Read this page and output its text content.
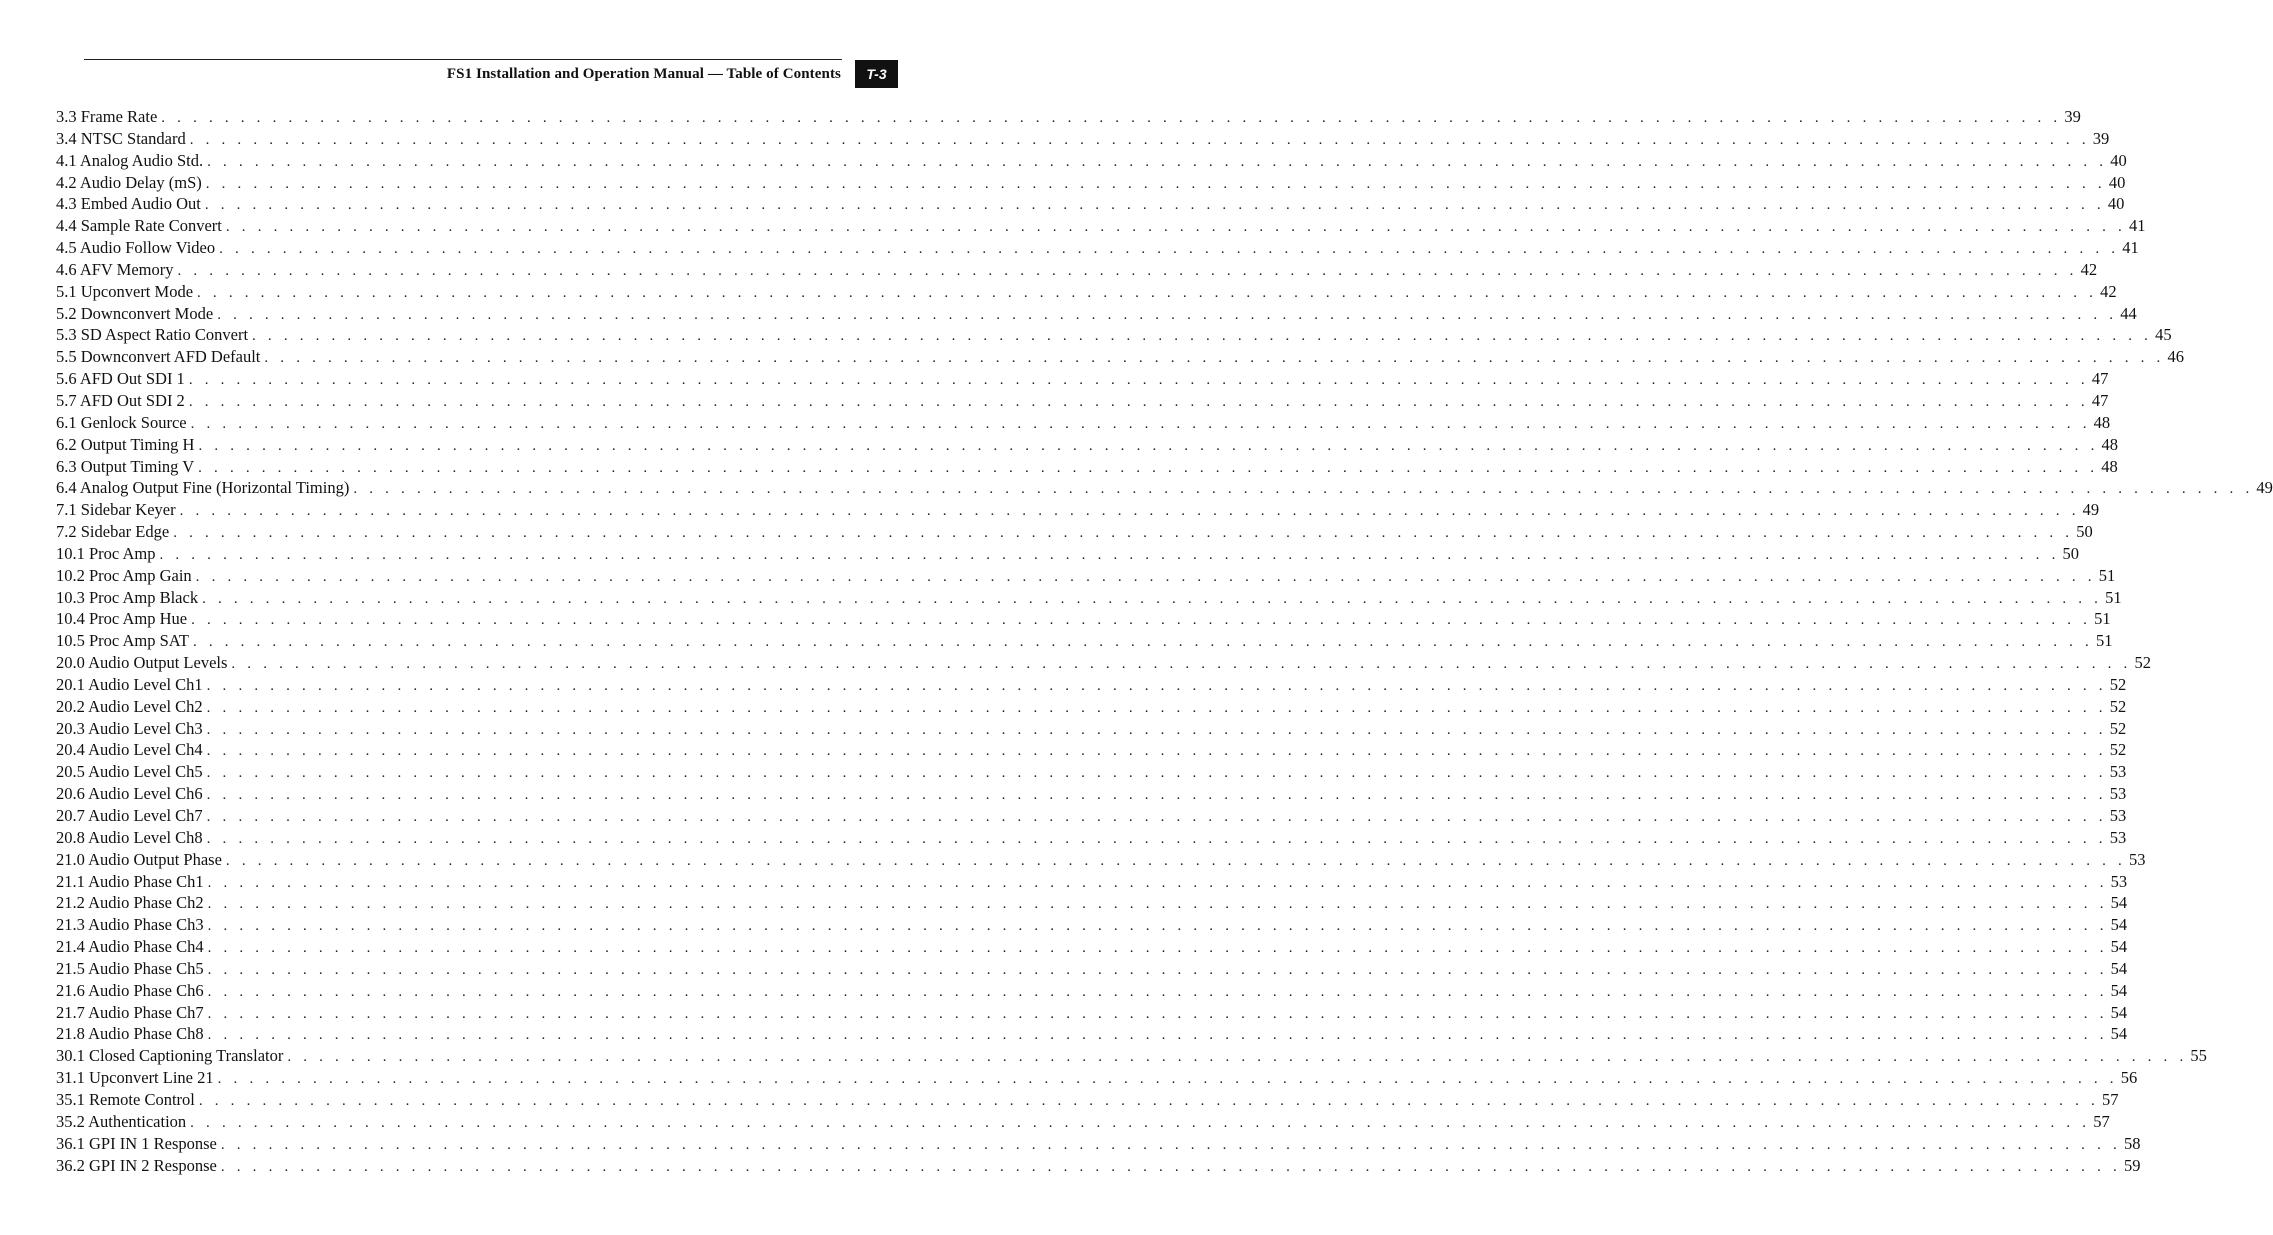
FS1 Installation and Operation Manual — Table of Contents	T-3
3.3 Frame Rate . . . . . . . . . . . . . . . . . . . . . . . . . . . . . . . . . . . . . . . . . . . . . . . . . . . . . . . . . . . . . . . . . . . . . . . . . . . . . . . . . . . . . . . . . . . . . . . . . . . . . . . . . . . . . . . . . . . . . . . . 39
3.4 NTSC Standard . . . . . . . . . . . . . . . . . . . . . . . . . . . . . . . . . . . . . . . . . . . . . . . . . . . . . . . . . . . . . . . . . . . . . . . . . . . . . . . . . . . . . . . . . . . . . . . . . . . . . . . . . . . . . . . . . . . . . . . . 39
4.1 Analog Audio Std. . . . . . . . . . . . . . . . . . . . . . . . . . . . . . . . . . . . . . . . . . . . . . . . . . . . . . . . . . . . . . . . . . . . . . . . . . . . . . . . . . . . . . . . . . . . . . . . . . . . . . . . . . . . . . . . . . . . . . . . . 40
4.2 Audio Delay (mS) . . . . . . . . . . . . . . . . . . . . . . . . . . . . . . . . . . . . . . . . . . . . . . . . . . . . . . . . . . . . . . . . . . . . . . . . . . . . . . . . . . . . . . . . . . . . . . . . . . . . . . . . . . . . . . . . . . . . . . . . 40
4.3 Embed Audio Out . . . . . . . . . . . . . . . . . . . . . . . . . . . . . . . . . . . . . . . . . . . . . . . . . . . . . . . . . . . . . . . . . . . . . . . . . . . . . . . . . . . . . . . . . . . . . . . . . . . . . . . . . . . . . . . . . . . . . . . . 40
4.4 Sample Rate Convert . . . . . . . . . . . . . . . . . . . . . . . . . . . . . . . . . . . . . . . . . . . . . . . . . . . . . . . . . . . . . . . . . . . . . . . . . . . . . . . . . . . . . . . . . . . . . . . . . . . . . . . . . . . . . . . . . . . . . . . . 41
4.5 Audio Follow Video . . . . . . . . . . . . . . . . . . . . . . . . . . . . . . . . . . . . . . . . . . . . . . . . . . . . . . . . . . . . . . . . . . . . . . . . . . . . . . . . . . . . . . . . . . . . . . . . . . . . . . . . . . . . . . . . . . . . . . . . 41
4.6 AFV Memory . . . . . . . . . . . . . . . . . . . . . . . . . . . . . . . . . . . . . . . . . . . . . . . . . . . . . . . . . . . . . . . . . . . . . . . . . . . . . . . . . . . . . . . . . . . . . . . . . . . . . . . . . . . . . . . . . . . . . . . . 42
5.1 Upconvert Mode . . . . . . . . . . . . . . . . . . . . . . . . . . . . . . . . . . . . . . . . . . . . . . . . . . . . . . . . . . . . . . . . . . . . . . . . . . . . . . . . . . . . . . . . . . . . . . . . . . . . . . . . . . . . . . . . . . . . . . . . 42
5.2 Downconvert Mode . . . . . . . . . . . . . . . . . . . . . . . . . . . . . . . . . . . . . . . . . . . . . . . . . . . . . . . . . . . . . . . . . . . . . . . . . . . . . . . . . . . . . . . . . . . . . . . . . . . . . . . . . . . . . . . . . . . . . . . . 44
5.3 SD Aspect Ratio Convert . . . . . . . . . . . . . . . . . . . . . . . . . . . . . . . . . . . . . . . . . . . . . . . . . . . . . . . . . . . . . . . . . . . . . . . . . . . . . . . . . . . . . . . . . . . . . . . . . . . . . . . . . . . . . . . . . . . . . . . . 45
5.5 Downconvert AFD Default . . . . . . . . . . . . . . . . . . . . . . . . . . . . . . . . . . . . . . . . . . . . . . . . . . . . . . . . . . . . . . . . . . . . . . . . . . . . . . . . . . . . . . . . . . . . . . . . . . . . . . . . . . . . . . . . . . . . . . . . 46
5.6 AFD Out SDI 1 . . . . . . . . . . . . . . . . . . . . . . . . . . . . . . . . . . . . . . . . . . . . . . . . . . . . . . . . . . . . . . . . . . . . . . . . . . . . . . . . . . . . . . . . . . . . . . . . . . . . . . . . . . . . . . . . . . . . . . . . 47
5.7 AFD Out SDI 2 . . . . . . . . . . . . . . . . . . . . . . . . . . . . . . . . . . . . . . . . . . . . . . . . . . . . . . . . . . . . . . . . . . . . . . . . . . . . . . . . . . . . . . . . . . . . . . . . . . . . . . . . . . . . . . . . . . . . . . . . 47
6.1 Genlock Source . . . . . . . . . . . . . . . . . . . . . . . . . . . . . . . . . . . . . . . . . . . . . . . . . . . . . . . . . . . . . . . . . . . . . . . . . . . . . . . . . . . . . . . . . . . . . . . . . . . . . . . . . . . . . . . . . . . . . . . . 48
6.2 Output Timing H . . . . . . . . . . . . . . . . . . . . . . . . . . . . . . . . . . . . . . . . . . . . . . . . . . . . . . . . . . . . . . . . . . . . . . . . . . . . . . . . . . . . . . . . . . . . . . . . . . . . . . . . . . . . . . . . . . . . . . . . 48
6.3 Output Timing V . . . . . . . . . . . . . . . . . . . . . . . . . . . . . . . . . . . . . . . . . . . . . . . . . . . . . . . . . . . . . . . . . . . . . . . . . . . . . . . . . . . . . . . . . . . . . . . . . . . . . . . . . . . . . . . . . . . . . . . . 48
6.4 Analog Output Fine (Horizontal Timing) . . . . . . . . . . . . . . . . . . . . . . . . . . . . . . . . . . . . . . . . . . . . . . . . . . . . . . . . . . . . . . . . . . . . . . . . . . . . . . . . . . . . . . . . . . . . . . . . . . . . . . . . . . . . . . . . . . . . . . . . 49
7.1 Sidebar Keyer . . . . . . . . . . . . . . . . . . . . . . . . . . . . . . . . . . . . . . . . . . . . . . . . . . . . . . . . . . . . . . . . . . . . . . . . . . . . . . . . . . . . . . . . . . . . . . . . . . . . . . . . . . . . . . . . . . . . . . . . 49
7.2 Sidebar Edge . . . . . . . . . . . . . . . . . . . . . . . . . . . . . . . . . . . . . . . . . . . . . . . . . . . . . . . . . . . . . . . . . . . . . . . . . . . . . . . . . . . . . . . . . . . . . . . . . . . . . . . . . . . . . . . . . . . . . . . . 50
10.1 Proc Amp . . . . . . . . . . . . . . . . . . . . . . . . . . . . . . . . . . . . . . . . . . . . . . . . . . . . . . . . . . . . . . . . . . . . . . . . . . . . . . . . . . . . . . . . . . . . . . . . . . . . . . . . . . . . . . . . . . . . . . . . 50
10.2 Proc Amp Gain . . . . . . . . . . . . . . . . . . . . . . . . . . . . . . . . . . . . . . . . . . . . . . . . . . . . . . . . . . . . . . . . . . . . . . . . . . . . . . . . . . . . . . . . . . . . . . . . . . . . . . . . . . . . . . . . . . . . . . . . 51
10.3 Proc Amp Black . . . . . . . . . . . . . . . . . . . . . . . . . . . . . . . . . . . . . . . . . . . . . . . . . . . . . . . . . . . . . . . . . . . . . . . . . . . . . . . . . . . . . . . . . . . . . . . . . . . . . . . . . . . . . . . . . . . . . . . . 51
10.4 Proc Amp Hue . . . . . . . . . . . . . . . . . . . . . . . . . . . . . . . . . . . . . . . . . . . . . . . . . . . . . . . . . . . . . . . . . . . . . . . . . . . . . . . . . . . . . . . . . . . . . . . . . . . . . . . . . . . . . . . . . . . . . . . . 51
10.5 Proc Amp SAT . . . . . . . . . . . . . . . . . . . . . . . . . . . . . . . . . . . . . . . . . . . . . . . . . . . . . . . . . . . . . . . . . . . . . . . . . . . . . . . . . . . . . . . . . . . . . . . . . . . . . . . . . . . . . . . . . . . . . . . . 51
20.0 Audio Output Levels . . . . . . . . . . . . . . . . . . . . . . . . . . . . . . . . . . . . . . . . . . . . . . . . . . . . . . . . . . . . . . . . . . . . . . . . . . . . . . . . . . . . . . . . . . . . . . . . . . . . . . . . . . . . . . . . . . . . . . . . 52
20.1 Audio Level Ch1 . . . . . . . . . . . . . . . . . . . . . . . . . . . . . . . . . . . . . . . . . . . . . . . . . . . . . . . . . . . . . . . . . . . . . . . . . . . . . . . . . . . . . . . . . . . . . . . . . . . . . . . . . . . . . . . . . . . . . . . . 52
20.2 Audio Level Ch2 . . . . . . . . . . . . . . . . . . . . . . . . . . . . . . . . . . . . . . . . . . . . . . . . . . . . . . . . . . . . . . . . . . . . . . . . . . . . . . . . . . . . . . . . . . . . . . . . . . . . . . . . . . . . . . . . . . . . . . . . 52
20.3 Audio Level Ch3 . . . . . . . . . . . . . . . . . . . . . . . . . . . . . . . . . . . . . . . . . . . . . . . . . . . . . . . . . . . . . . . . . . . . . . . . . . . . . . . . . . . . . . . . . . . . . . . . . . . . . . . . . . . . . . . . . . . . . . . . 52
20.4 Audio Level Ch4 . . . . . . . . . . . . . . . . . . . . . . . . . . . . . . . . . . . . . . . . . . . . . . . . . . . . . . . . . . . . . . . . . . . . . . . . . . . . . . . . . . . . . . . . . . . . . . . . . . . . . . . . . . . . . . . . . . . . . . . . 52
20.5 Audio Level Ch5 . . . . . . . . . . . . . . . . . . . . . . . . . . . . . . . . . . . . . . . . . . . . . . . . . . . . . . . . . . . . . . . . . . . . . . . . . . . . . . . . . . . . . . . . . . . . . . . . . . . . . . . . . . . . . . . . . . . . . . . . 53
20.6 Audio Level Ch6 . . . . . . . . . . . . . . . . . . . . . . . . . . . . . . . . . . . . . . . . . . . . . . . . . . . . . . . . . . . . . . . . . . . . . . . . . . . . . . . . . . . . . . . . . . . . . . . . . . . . . . . . . . . . . . . . . . . . . . . . 53
20.7 Audio Level Ch7 . . . . . . . . . . . . . . . . . . . . . . . . . . . . . . . . . . . . . . . . . . . . . . . . . . . . . . . . . . . . . . . . . . . . . . . . . . . . . . . . . . . . . . . . . . . . . . . . . . . . . . . . . . . . . . . . . . . . . . . . 53
20.8 Audio Level Ch8 . . . . . . . . . . . . . . . . . . . . . . . . . . . . . . . . . . . . . . . . . . . . . . . . . . . . . . . . . . . . . . . . . . . . . . . . . . . . . . . . . . . . . . . . . . . . . . . . . . . . . . . . . . . . . . . . . . . . . . . . 53
21.0 Audio Output Phase . . . . . . . . . . . . . . . . . . . . . . . . . . . . . . . . . . . . . . . . . . . . . . . . . . . . . . . . . . . . . . . . . . . . . . . . . . . . . . . . . . . . . . . . . . . . . . . . . . . . . . . . . . . . . . . . . . . . . . . . 53
21.1 Audio Phase Ch1 . . . . . . . . . . . . . . . . . . . . . . . . . . . . . . . . . . . . . . . . . . . . . . . . . . . . . . . . . . . . . . . . . . . . . . . . . . . . . . . . . . . . . . . . . . . . . . . . . . . . . . . . . . . . . . . . . . . . . . . . 53
21.2 Audio Phase Ch2 . . . . . . . . . . . . . . . . . . . . . . . . . . . . . . . . . . . . . . . . . . . . . . . . . . . . . . . . . . . . . . . . . . . . . . . . . . . . . . . . . . . . . . . . . . . . . . . . . . . . . . . . . . . . . . . . . . . . . . . . 54
21.3 Audio Phase Ch3 . . . . . . . . . . . . . . . . . . . . . . . . . . . . . . . . . . . . . . . . . . . . . . . . . . . . . . . . . . . . . . . . . . . . . . . . . . . . . . . . . . . . . . . . . . . . . . . . . . . . . . . . . . . . . . . . . . . . . . . . 54
21.4 Audio Phase Ch4 . . . . . . . . . . . . . . . . . . . . . . . . . . . . . . . . . . . . . . . . . . . . . . . . . . . . . . . . . . . . . . . . . . . . . . . . . . . . . . . . . . . . . . . . . . . . . . . . . . . . . . . . . . . . . . . . . . . . . . . . 54
21.5 Audio Phase Ch5 . . . . . . . . . . . . . . . . . . . . . . . . . . . . . . . . . . . . . . . . . . . . . . . . . . . . . . . . . . . . . . . . . . . . . . . . . . . . . . . . . . . . . . . . . . . . . . . . . . . . . . . . . . . . . . . . . . . . . . . . 54
21.6 Audio Phase Ch6 . . . . . . . . . . . . . . . . . . . . . . . . . . . . . . . . . . . . . . . . . . . . . . . . . . . . . . . . . . . . . . . . . . . . . . . . . . . . . . . . . . . . . . . . . . . . . . . . . . . . . . . . . . . . . . . . . . . . . . . . 54
21.7 Audio Phase Ch7 . . . . . . . . . . . . . . . . . . . . . . . . . . . . . . . . . . . . . . . . . . . . . . . . . . . . . . . . . . . . . . . . . . . . . . . . . . . . . . . . . . . . . . . . . . . . . . . . . . . . . . . . . . . . . . . . . . . . . . . . 54
21.8 Audio Phase Ch8 . . . . . . . . . . . . . . . . . . . . . . . . . . . . . . . . . . . . . . . . . . . . . . . . . . . . . . . . . . . . . . . . . . . . . . . . . . . . . . . . . . . . . . . . . . . . . . . . . . . . . . . . . . . . . . . . . . . . . . . . 54
30.1 Closed Captioning Translator . . . . . . . . . . . . . . . . . . . . . . . . . . . . . . . . . . . . . . . . . . . . . . . . . . . . . . . . . . . . . . . . . . . . . . . . . . . . . . . . . . . . . . . . . . . . . . . . . . . . . . . . . . . . . . . . . . . . . . . . 55
31.1 Upconvert Line 21 . . . . . . . . . . . . . . . . . . . . . . . . . . . . . . . . . . . . . . . . . . . . . . . . . . . . . . . . . . . . . . . . . . . . . . . . . . . . . . . . . . . . . . . . . . . . . . . . . . . . . . . . . . . . . . . . . . . . . . . . 56
35.1 Remote Control . . . . . . . . . . . . . . . . . . . . . . . . . . . . . . . . . . . . . . . . . . . . . . . . . . . . . . . . . . . . . . . . . . . . . . . . . . . . . . . . . . . . . . . . . . . . . . . . . . . . . . . . . . . . . . . . . . . . . . . . 57
35.2 Authentication . . . . . . . . . . . . . . . . . . . . . . . . . . . . . . . . . . . . . . . . . . . . . . . . . . . . . . . . . . . . . . . . . . . . . . . . . . . . . . . . . . . . . . . . . . . . . . . . . . . . . . . . . . . . . . . . . . . . . . . . 57
36.1 GPI IN 1 Response . . . . . . . . . . . . . . . . . . . . . . . . . . . . . . . . . . . . . . . . . . . . . . . . . . . . . . . . . . . . . . . . . . . . . . . . . . . . . . . . . . . . . . . . . . . . . . . . . . . . . . . . . . . . . . . . . . . . . . . . 58
36.2 GPI IN 2 Response . . . . . . . . . . . . . . . . . . . . . . . . . . . . . . . . . . . . . . . . . . . . . . . . . . . . . . . . . . . . . . . . . . . . . . . . . . . . . . . . . . . . . . . . . . . . . . . . . . . . . . . . . . . . . . . . . . . . . . . . 59
